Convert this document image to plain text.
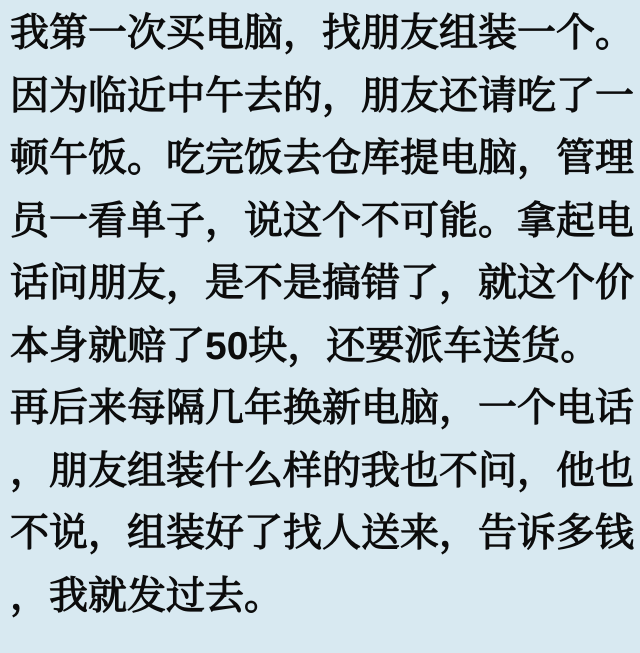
我第一次买电脑，找朋友组装一个。
因为临近中午去的，朋友还请吃了一
顿午饭。吃完饭去仓库提电脑，管理
员一看单子，说这个不可能。拿起电
话问朋友，是不是搞错了，就这个价
本身就赔了50块，还要派车送货。
再后来每隔几年换新电脑，一个电话
，朋友组装什么样的我也不问，他也
不说，组装好了找人送来，告诉多钱
，我就发过去。
